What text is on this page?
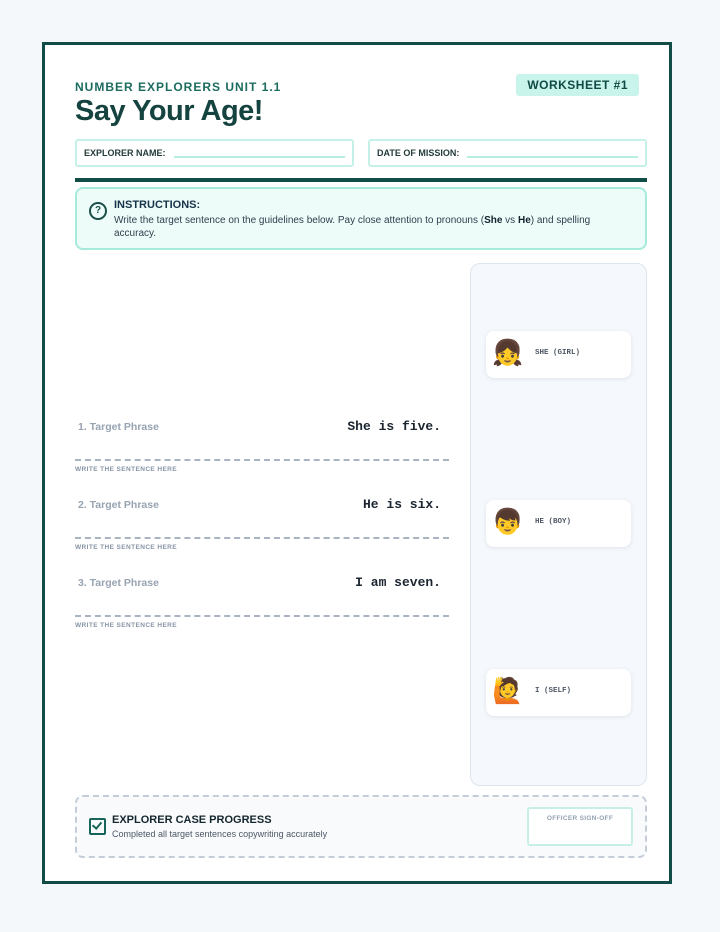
NUMBER EXPLORERS UNIT 1.1	WORKSHEET #1
Say Your Age!
EXPLORER NAME:	DATE OF MISSION:
?	INSTRUCTIONS:
Write the target sentence on the guidelines below. Pay close attention to pronouns (She vs He) and spelling accuracy.
1. Target Phrase	She is five.
WRITE THE SENTENCE HERE
2. Target Phrase	He is six.
WRITE THE SENTENCE HERE
3. Target Phrase	I am seven.
WRITE THE SENTENCE HERE
👧 SHE (GIRL)
👦 HE (BOY)
🙋 I (SELF)
EXPLORER CASE PROGRESS
Completed all target sentences copywriting accurately
OFFICER SIGN-OFF
